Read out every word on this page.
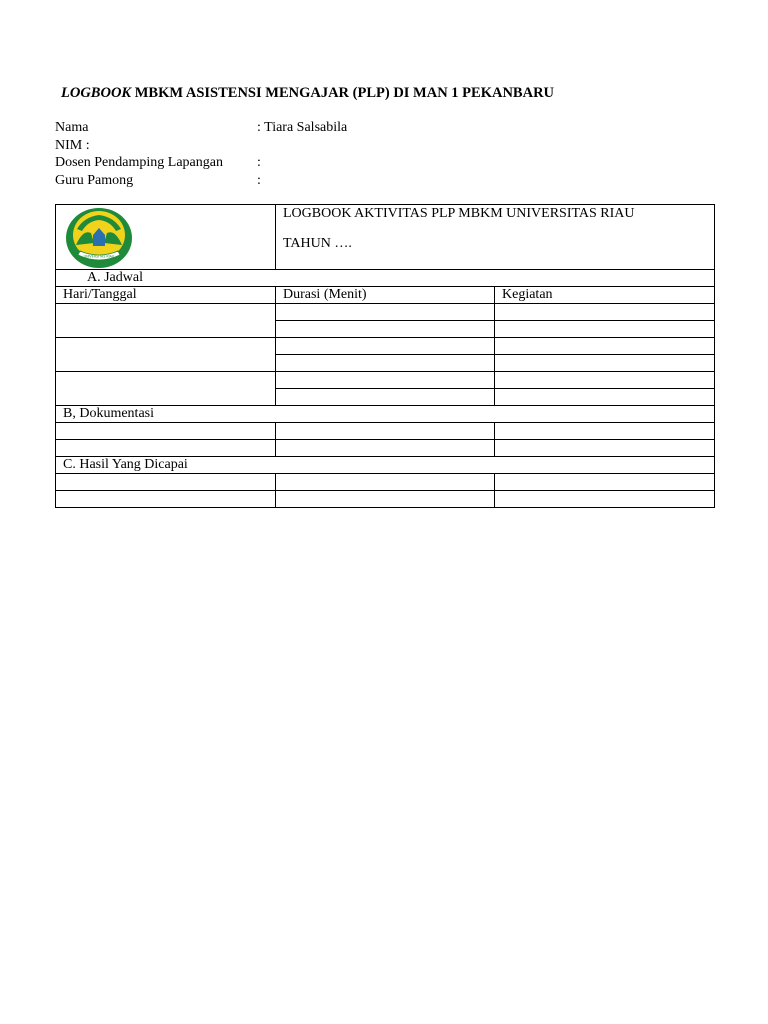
LOGBOOK MBKM ASISTENSI MENGAJAR (PLP) DI MAN 1 PEKANBARU
Nama	: Tiara Salsabila
NIM :
Dosen Pendamping Lapangan :
Guru Pamong	:
UNIVERSITAS RIAU	LOGBOOK AKTIVITAS PLP MBKM UNIVERSITAS RIAU
TAHUN ….	

A. Jadwal		
Hari/Tanggal	Durasi (Menit)	Kegiatan

B, Dokumentasi		

C. Hasil Yang Dicapai		
